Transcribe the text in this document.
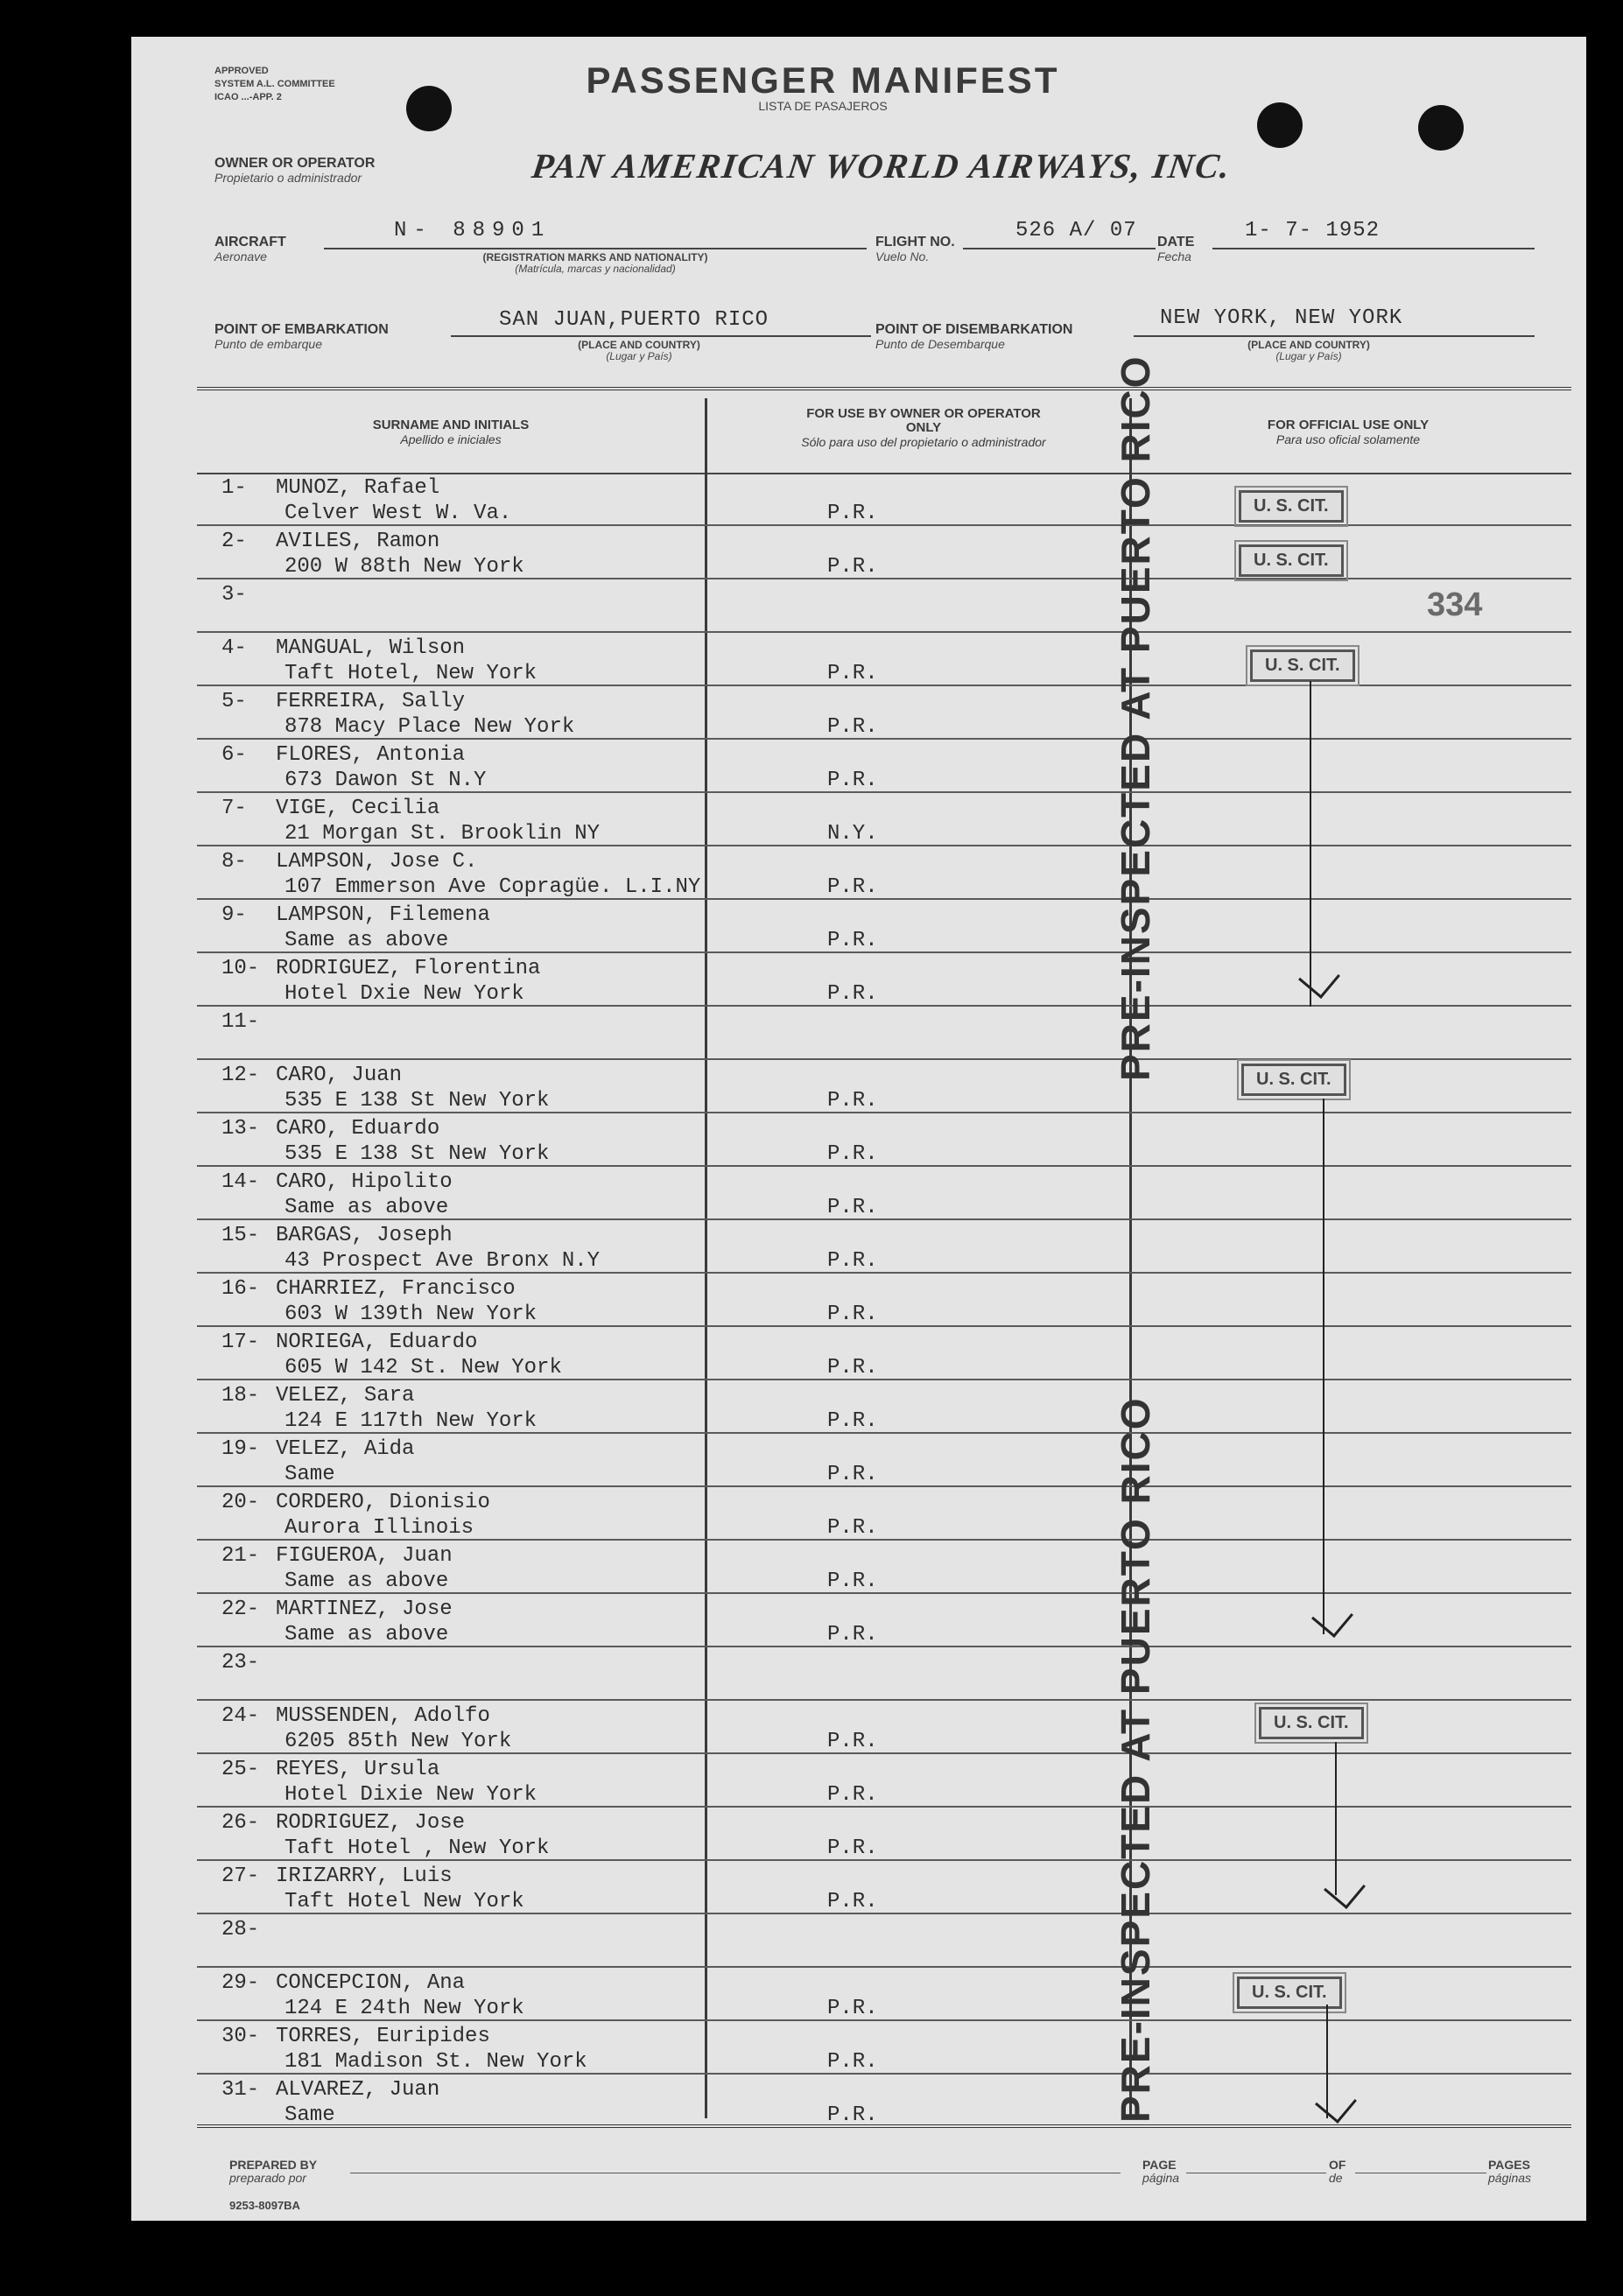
APPROVED
SYSTEM A.L. COMMITTEE
ICAO ...-APP. 2	PASSENGER MANIFEST
LISTA DE PASAJEROS
OWNER OR OPERATOR
Propietario o administrador	PAN AMERICAN WORLD AIRWAYS, INC.
AIRCRAFT
Aeronave
N- 88901
(REGISTRATION MARKS AND NATIONALITY)
(Matrícula, marcas y nacionalidad)
FLIGHT NO.
Vuelo No.
526 A/ 07 DATE
Fecha
1- 7- 1952
POINT OF EMBARKATION
Punto de embarque
SAN JUAN,PUERTO RICO
(PLACE AND COUNTRY)
(Lugar y País)
POINT OF DISEMBARKATION
Punto de Desembarque
NEW YORK, NEW YORK
(PLACE AND COUNTRY)
(Lugar y País)
SURNAME AND INITIALS
Apellido e iniciales
FOR USE BY OWNER OR OPERATOR ONLY
Sólo para uso del propietario o administrador
FOR OFFICIAL USE ONLY
Para uso oficial solamente
1- MUNOZ, Rafael
Celver West W. Va.	P.R.
2- AVILES, Ramon
200 W 88th New York	P.R.
3-
4- MANGUAL, Wilson
Taft Hotel, New York	P.R.
5- FERREIRA, Sally
878 Macy Place New York	P.R.
6- FLORES, Antonia
673 Dawon St N.Y	P.R.
7- VIGE, Cecilia
21 Morgan St. Brooklin NY	N.Y.
8- LAMPSON, Jose C.
107 Emmerson Ave Copragüe. L.I.NY	P.R.
9- LAMPSON, Filemena
Same as above	P.R.
10- RODRIGUEZ, Florentina
Hotel Dxie New York	P.R.
11-
12- CARO, Juan
535 E 138 St New York	P.R.
13- CARO, Eduardo
535 E 138 St New York	P.R.
14- CARO, Hipolito
Same as above	P.R.
15- BARGAS, Joseph
43 Prospect Ave Bronx N.Y	P.R.
16- CHARRIEZ, Francisco
603 W 139th New York	P.R.
17- NORIEGA, Eduardo
605 W 142 St. New York	P.R.
18- VELEZ, Sara
124 E 117th New York	P.R.
19- VELEZ, Aida
Same	P.R.
20- CORDERO, Dionisio
Aurora Illinois	P.R.
21- FIGUEROA, Juan
Same as above	P.R.
22- MARTINEZ, Jose
Same as above	P.R.
23-
24- MUSSENDEN, Adolfo
6205 85th New York	P.R.
25- REYES, Ursula
Hotel Dixie New York	P.R.
26- RODRIGUEZ, Jose
Taft Hotel , New York	P.R.
27- IRIZARRY, Luis
Taft Hotel New York	P.R.
28-
29- CONCEPCION, Ana
124 E 24th New York	P.R.
30- TORRES, Euripides
181 Madison St. New York	P.R.
31- ALVAREZ, Juan
Same	P.R.
PRE-INSPECTED AT PUERTO RICO
PRE-INSPECTED AT PUERTO RICO
U. S. CIT.
U. S. CIT.
U. S. CIT.
U. S. CIT.
U. S. CIT.
U. S. CIT.
334
PREPARED BY
preparado por
PAGE
página
OF
de
PAGES
páginas
9253-8097BA
